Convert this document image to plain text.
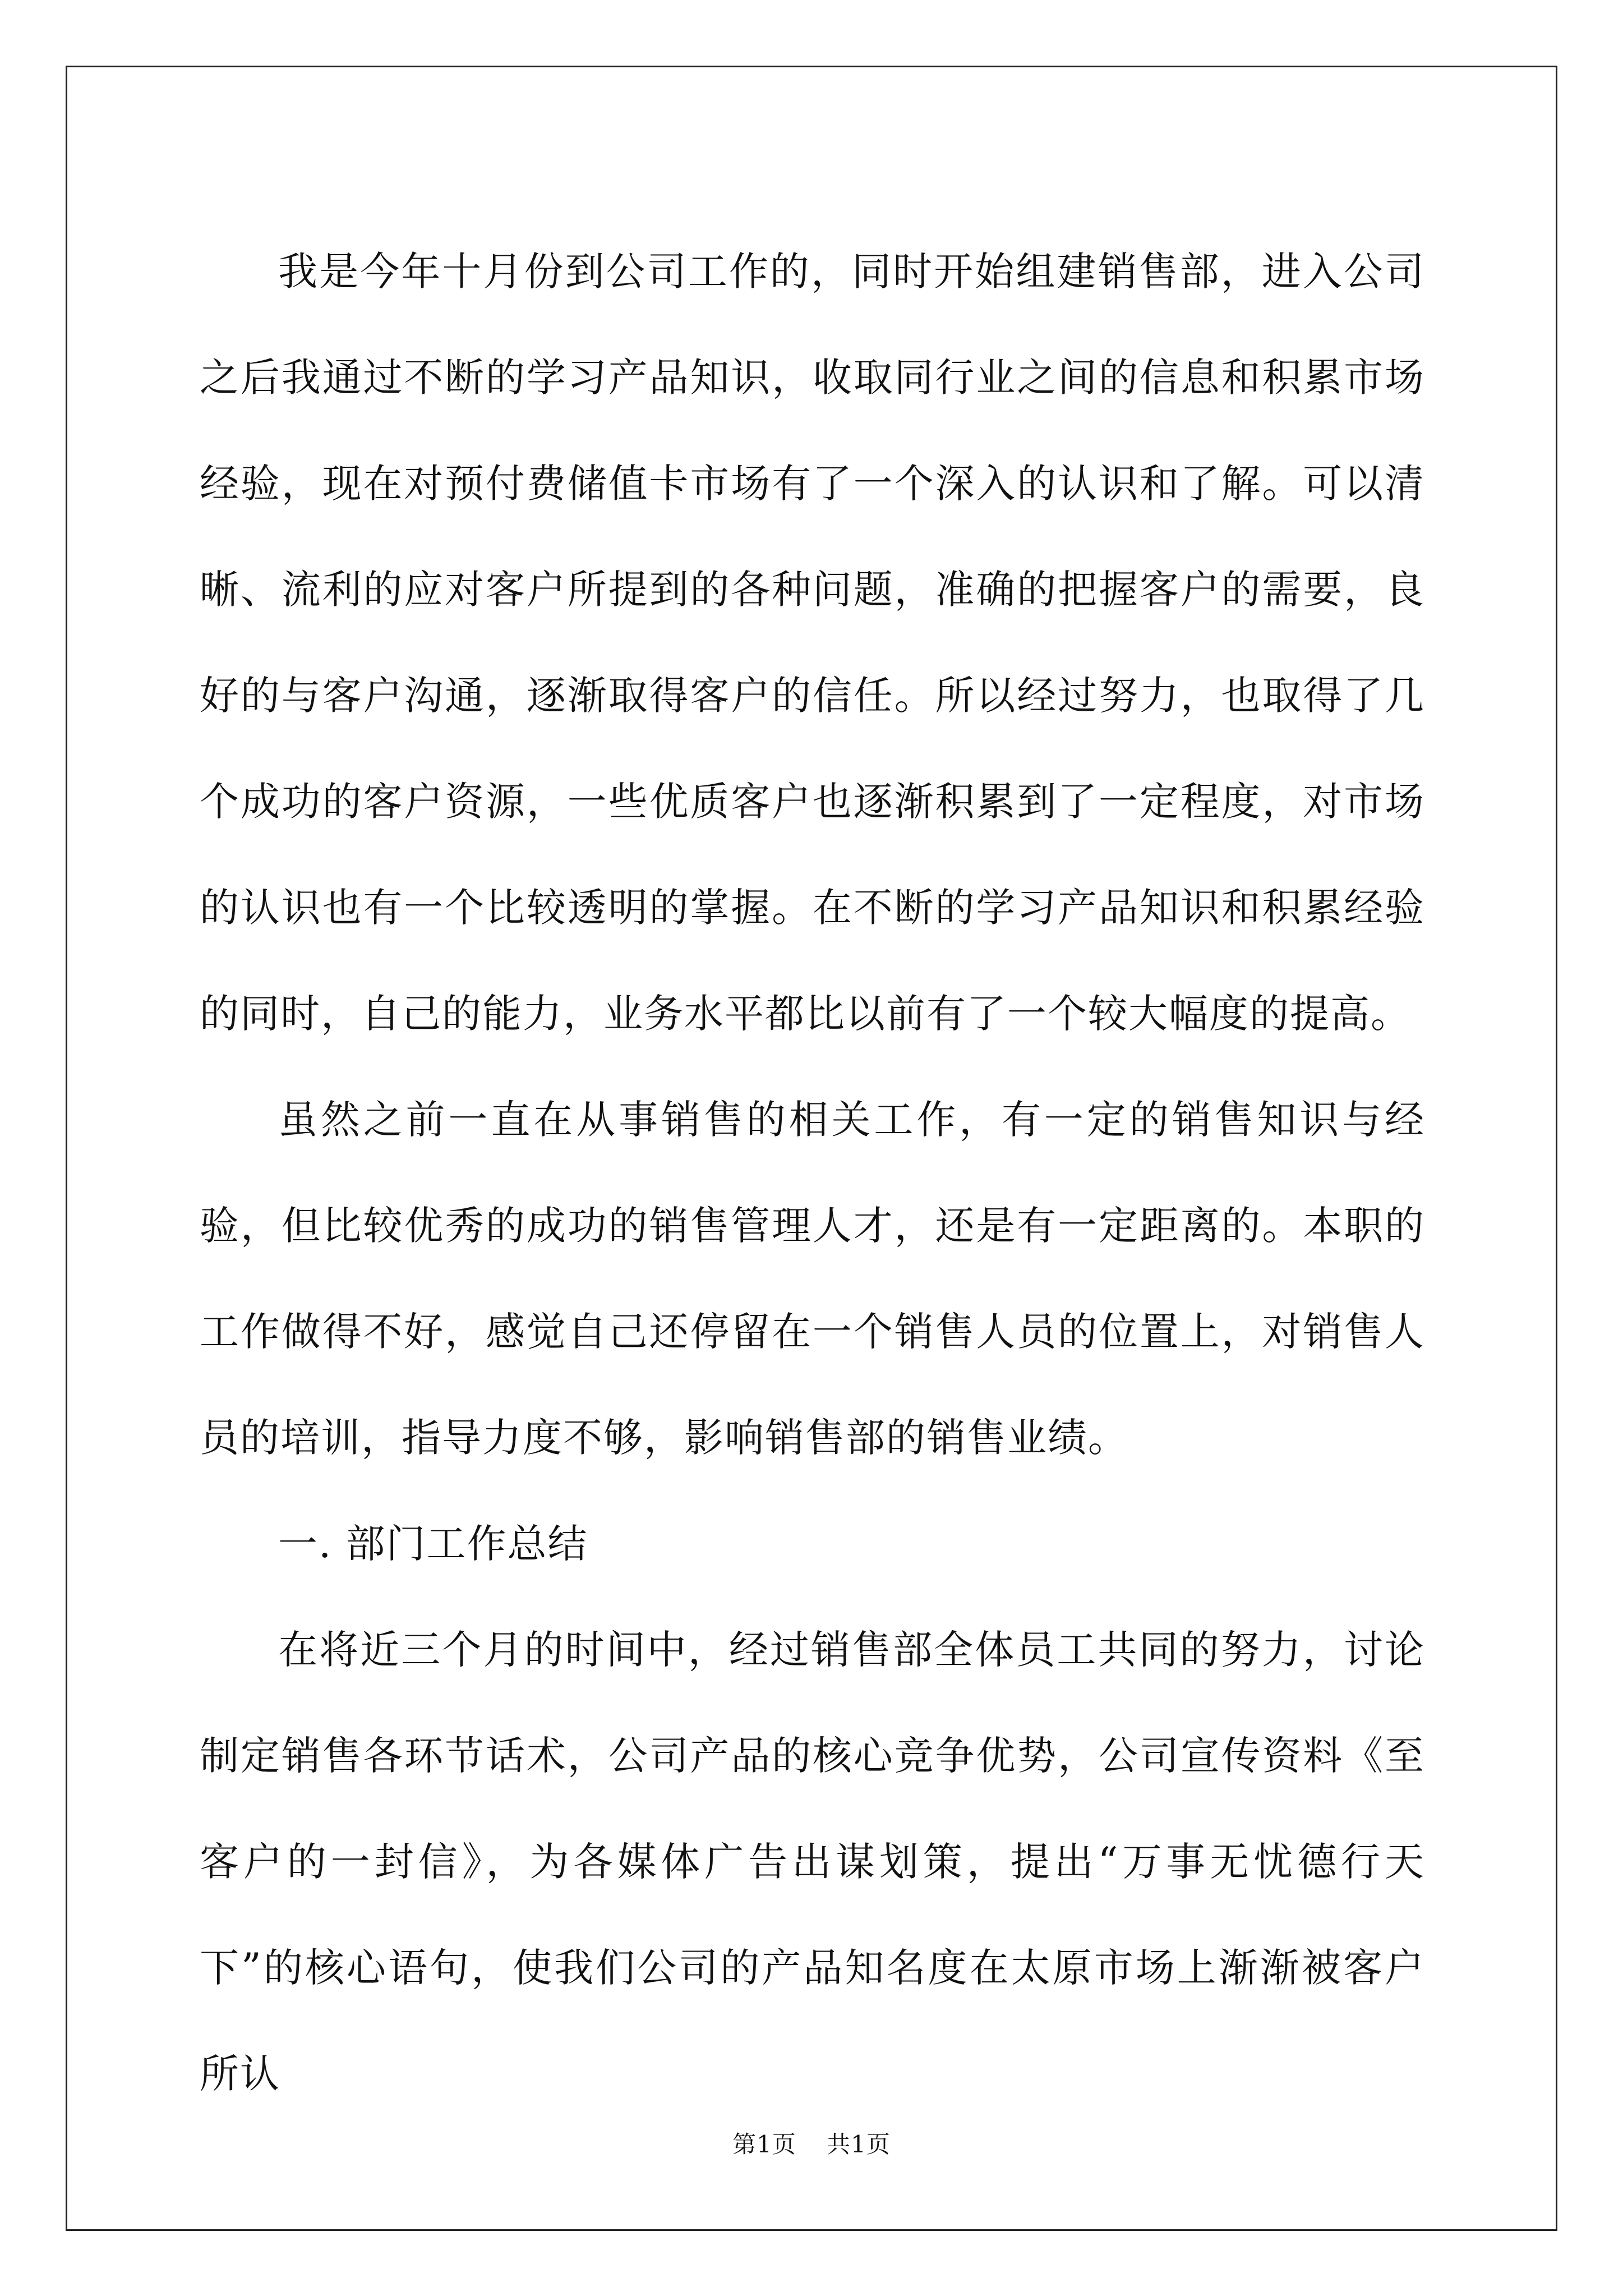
我是今年十月份到公司工作的，同时开始组建销售部，进入公司之后我通过不断的学习产品知识，收取同行业之间的信息和积累市场经验，现在对预付费储值卡市场有了一个深入的认识和了解。可以清晰、流利的应对客户所提到的各种问题，准确的把握客户的需要，良好的与客户沟通，逐渐取得客户的信任。所以经过努力，也取得了几个成功的客户资源，一些优质客户也逐渐积累到了一定程度，对市场的认识也有一个比较透明的掌握。在不断的学习产品知识和积累经验的同时，自己的能力，业务水平都比以前有了一个较大幅度的提高。

虽然之前一直在从事销售的相关工作，有一定的销售知识与经验，但比较优秀的成功的销售管理人才，还是有一定距离的。本职的工作做得不好，感觉自己还停留在一个销售人员的位置上，对销售人员的培训，指导力度不够，影响销售部的销售业绩。

一. 部门工作总结

在将近三个月的时间中，经过销售部全体员工共同的努力，讨论制定销售各环节话术，公司产品的核心竞争优势，公司宣传资料《至客户的一封信》，为各媒体广告出谋划策，提出“万事无忧德行天下”的核心语句，使我们公司的产品知名度在太原市场上渐渐被客户所认

第1页 共1页
